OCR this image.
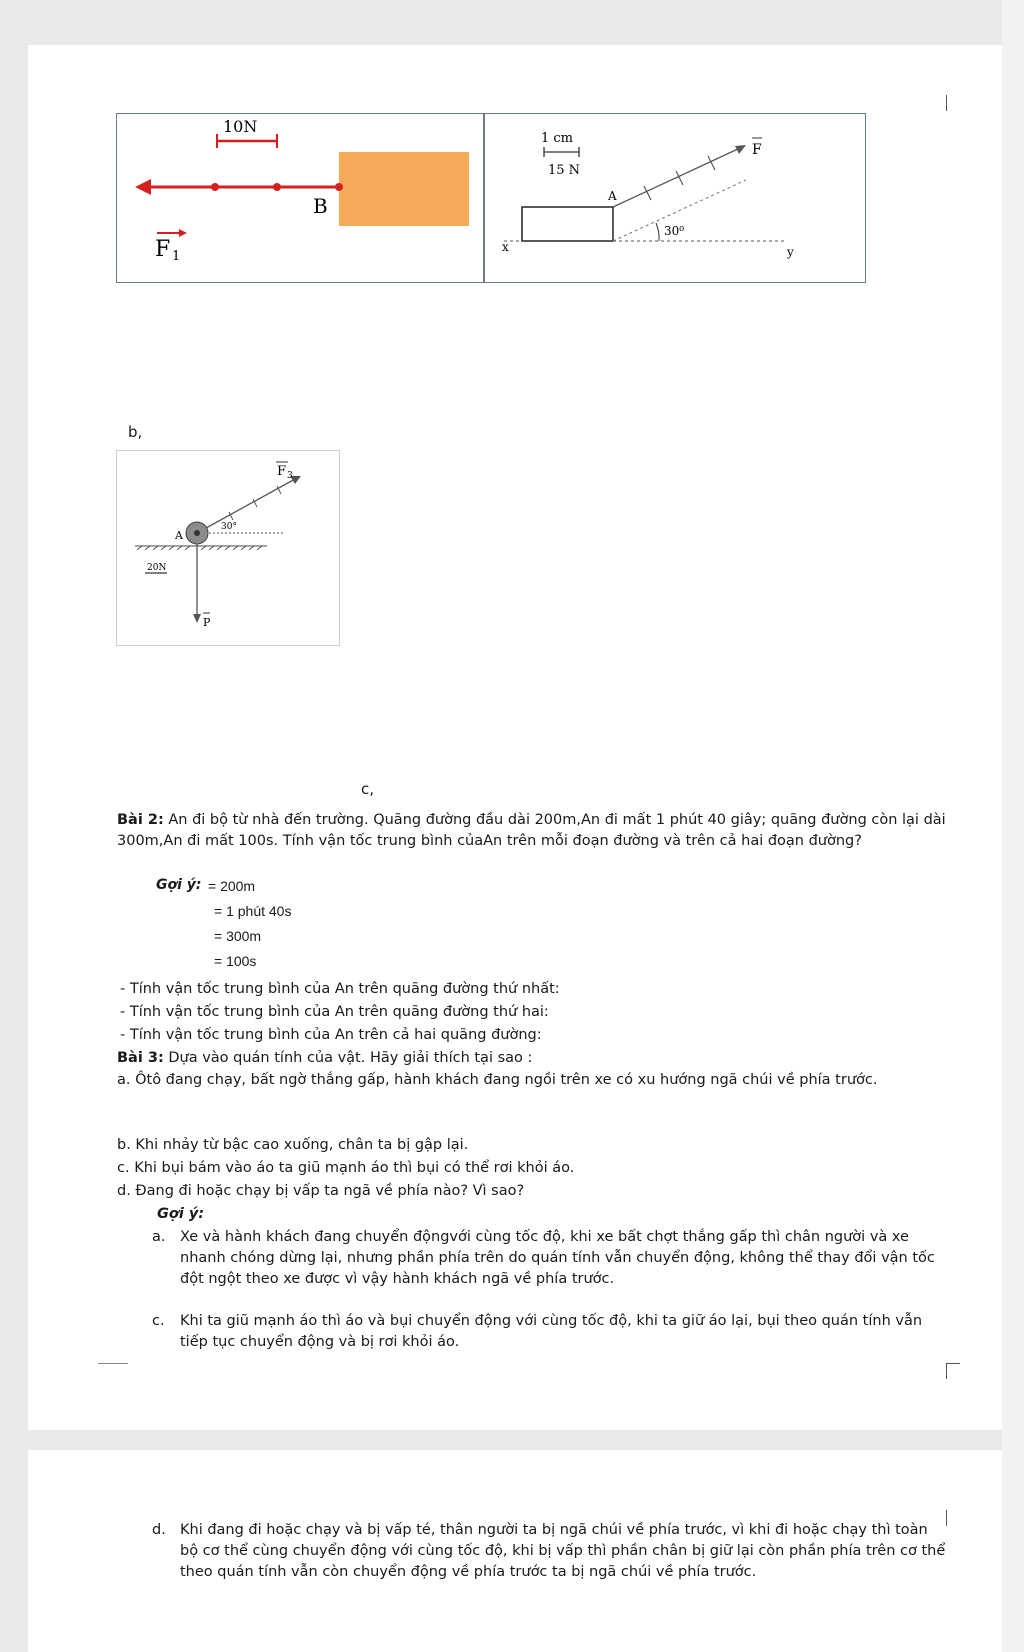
10N
B
F 1
1 cm
15 N
x	y
30⁰
A
F
b,
F 3
30°
A
P
20N
c,
Bài 2: An đi bộ từ nhà đến trường. Quãng đường đầu dài 200m,An đi mất 1 phút 40 giây; quãng đường còn lại dài 300m,An đi mất 100s. Tính vận tốc trung bình củaAn trên mỗi đoạn đường và trên cả hai đoạn đường?
Gợi ý: = 200m
= 1 phút 40s
= 300m
= 100s
- Tính vận tốc trung bình của An trên quãng đường thứ nhất:
- Tính vận tốc trung bình của An trên quãng đường thứ hai:
- Tính vận tốc trung bình của An trên cả hai quãng đường:
Bài 3: Dựa vào quán tính của vật. Hãy giải thích tại sao :
a. Ôtô đang chạy, bất ngờ thắng gấp, hành khách đang ngồi trên xe có xu hướng ngã chúi về phía trước.
b. Khi nhảy từ bậc cao xuống, chân ta bị gập lại.
c. Khi bụi bám vào áo ta giũ mạnh áo thì bụi có thể rơi khỏi áo.
d. Đang đi hoặc chạy bị vấp ta ngã về phía nào? Vì sao?
Gợi ý:
a. Xe và hành khách đang chuyển độngvới cùng tốc độ, khi xe bất chợt thắng gấp thì chân người và xe nhanh chóng dừng lại, nhưng phần phía trên do quán tính vẫn chuyển động, không thể thay đổi vận tốc đột ngột theo xe được vì vậy hành khách ngã về phía trước.
c. Khi ta giũ mạnh áo thì áo và bụi chuyển động với cùng tốc độ, khi ta giữ áo lại, bụi theo quán tính vẫn tiếp tục chuyển động và bị rơi khỏi áo.
d. Khi đang đi hoặc chạy và bị vấp té, thân người ta bị ngã chúi về phía trước, vì khi đi hoặc chạy thì toàn bộ cơ thể cùng chuyển động với cùng tốc độ, khi bị vấp thì phần chân bị giữ lại còn phần phía trên cơ thể theo quán tính vẫn còn chuyển động về phía trước ta bị ngã chúi về phía trước.
